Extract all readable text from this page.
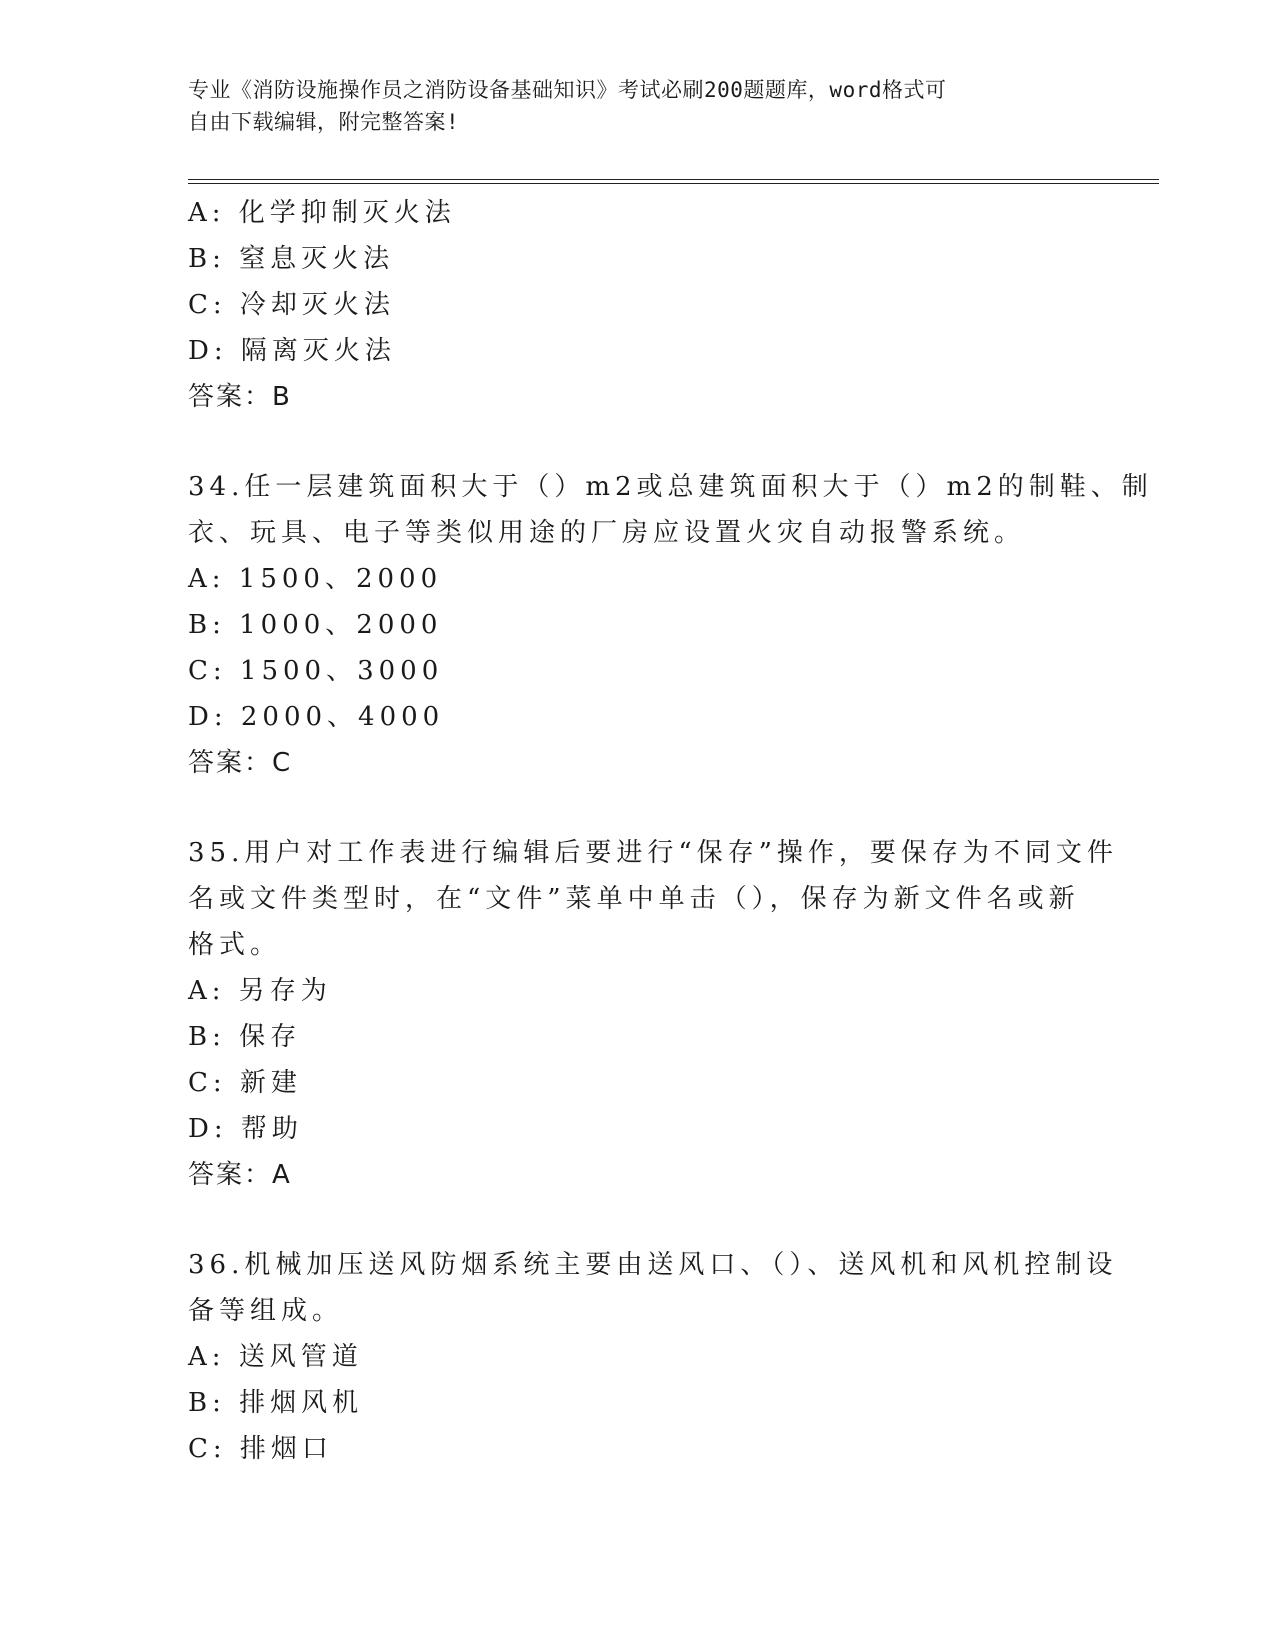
专业《消防设施操作员之消防设备基础知识》考试必刷200题题库，word格式可
自由下载编辑，附完整答案!
A: 化学抑制灭火法
B: 窒息灭火法
C: 冷却灭火法
D: 隔离灭火法
答案：B
34.任一层建筑面积大于（）m2或总建筑面积大于（）m2的制鞋、制
衣、玩具、电子等类似用途的厂房应设置火灾自动报警系统。
A: 1500、2000
B: 1000、2000
C: 1500、3000
D: 2000、4000
答案：C
35.用户对工作表进行编辑后要进行“保存”操作，要保存为不同文件
名或文件类型时，在“文件”菜单中单击（），保存为新文件名或新
格式。
A: 另存为
B: 保存
C: 新建
D: 帮助
答案：A
36.机械加压送风防烟系统主要由送风口、（）、送风机和风机控制设
备等组成。
A: 送风管道
B: 排烟风机
C: 排烟口
